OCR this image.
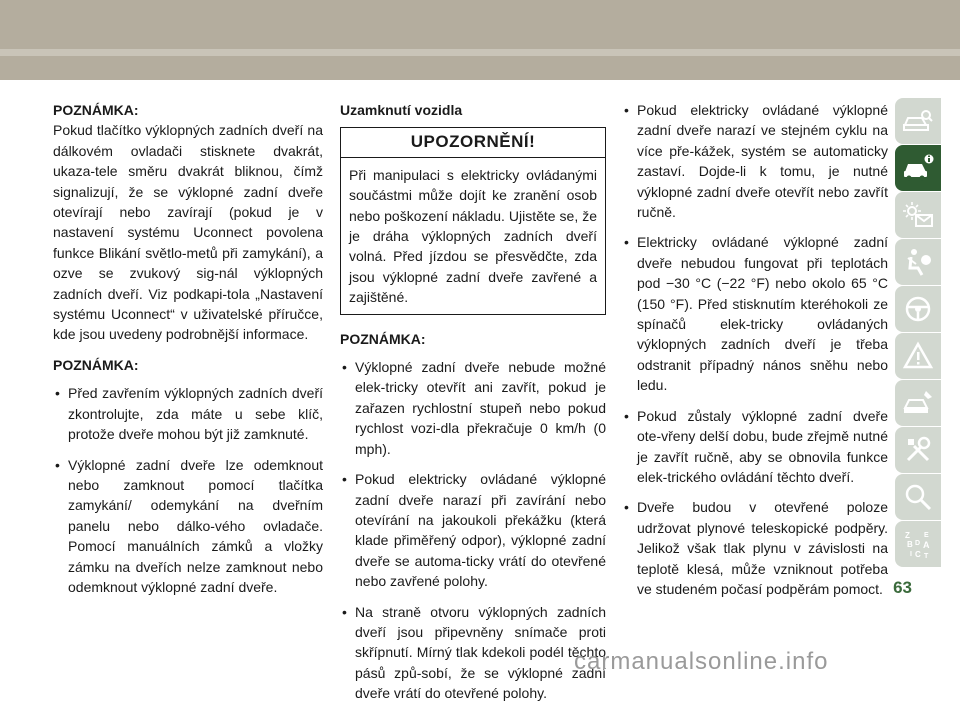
POZNÁMKA:

Pokud tlačítko výklopných zadních dveří na dálkovém ovladači stisknete dvakrát, ukaza-tele směru dvakrát bliknou, čímž signalizují, že se výklopné zadní dveře otevírají nebo zavírají (pokud je v nastavení systému Uconnect povolena funkce Blikání světlo-metů při zamykání), a ozve se zvukový sig-nál výklopných zadních dveří. Viz podkapi-tola „Nastavení systému Uconnect“ v uživatelské příručce, kde jsou uvedeny podrobnější informace.

POZNÁMKA:

• Před zavřením výklopných zadních dveří zkontrolujte, zda máte u sebe klíč, protože dveře mohou být již zamknuté.
• Výklopné zadní dveře lze odemknout nebo zamknout pomocí tlačítka zamykání/ odemykání na dveřním panelu nebo dálko-vého ovladače. Pomocí manuálních zámků a vložky zámku na dveřích nelze zamknout nebo odemknout výklopné zadní dveře.

Uzamknutí vozidla

UPOZORNĚNÍ!
Při manipulaci s elektricky ovládanými součástmi může dojít ke zranění osob nebo poškození nákladu. Ujistěte se, že je dráha výklopných zadních dveří volná. Před jízdou se přesvědčte, zda jsou výklopné zadní dveře zavřené a zajištěné.

POZNÁMKA:

• Výklopné zadní dveře nebude možné elek-tricky otevřít ani zavřít, pokud je zařazen rychlostní stupeň nebo pokud rychlost vozi-dla překračuje 0 km/h (0 mph).
• Pokud elektricky ovládané výklopné zadní dveře narazí při zavírání nebo otevírání na jakoukoli překážku (která klade přiměřený odpor), výklopné zadní dveře se automa-ticky vrátí do otevřené nebo zavřené polohy.
• Na straně otvoru výklopných zadních dveří jsou připevněny snímače proti skřípnutí. Mírný tlak kdekoli podél těchto pásů způ-sobí, že se výklopné zadní dveře vrátí do otevřené polohy.
• Pokud elektricky ovládané výklopné zadní dveře narazí ve stejném cyklu na více pře-kážek, systém se automaticky zastaví. Dojde-li k tomu, je nutné výklopné zadní dveře otevřít nebo zavřít ručně.
• Elektricky ovládané výklopné zadní dveře nebudou fungovat při teplotách pod −30 °C (−22 °F) nebo okolo 65 °C (150 °F). Před stisknutím kteréhokoli ze spínačů elek-tricky ovládaných výklopných zadních dveří je třeba odstranit případný nános sněhu nebo ledu.
• Pokud zůstaly výklopné zadní dveře ote-vřeny delší dobu, bude zřejmě nutné je zavřít ručně, aby se obnovila funkce elek-trického ovládání těchto dveří.
• Dveře budou v otevřené poloze udržovat plynové teleskopické podpěry. Jelikož však tlak plynu v závislosti na teplotě klesá, může vzniknout potřeba ve studeném počasí podpěrám pomoct.
Z E
B D A
I C T
63
carmanualsonline.info
